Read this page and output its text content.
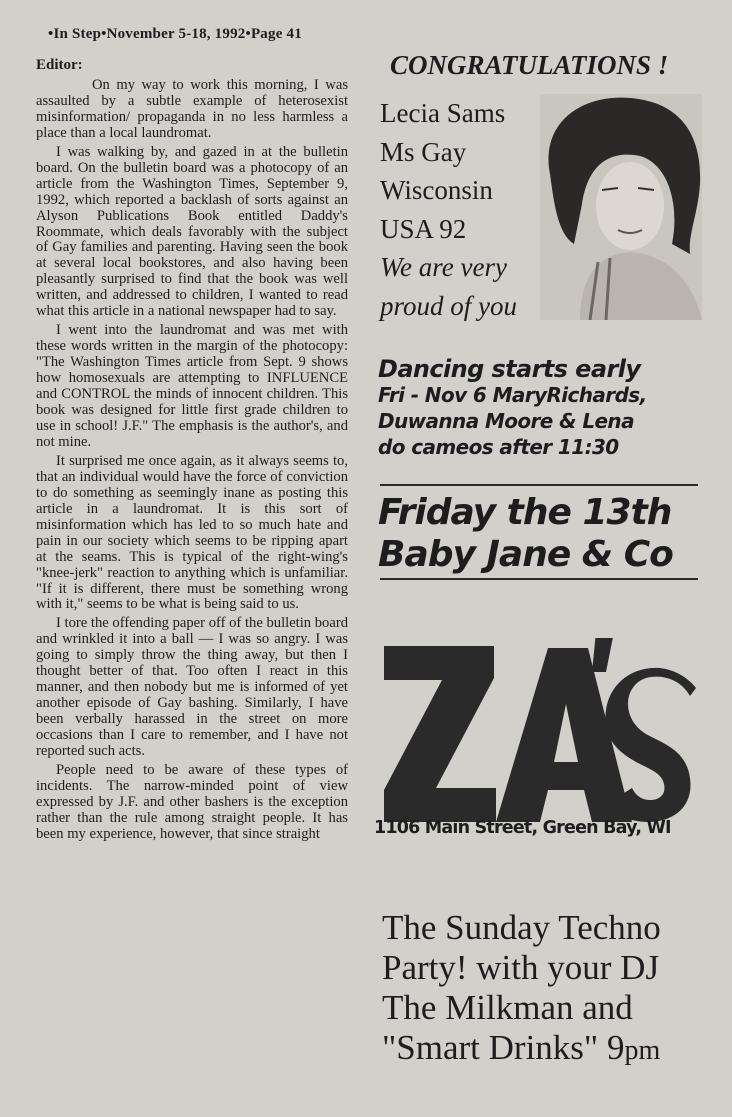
•In Step•November 5-18, 1992•Page 41
Editor:

On my way to work this morning, I was assaulted by a subtle example of heterosexist misinformation/ propaganda in no less harmless a place than a local laundromat.

I was walking by, and gazed in at the bulletin board. On the bulletin board was a photocopy of an article from the Washington Times, September 9, 1992, which reported a backlash of sorts against an Alyson Publications Book entitled Daddy's Roommate, which deals favorably with the subject of Gay families and parenting. Having seen the book at several local bookstores, and also having been pleasantly surprised to find that the book was well written, and addressed to children, I wanted to read what this article in a national newspaper had to say.

I went into the laundromat and was met with these words written in the margin of the photocopy: "The Washington Times article from Sept. 9 shows how homosexuals are attempting to INFLUENCE and CONTROL the minds of innocent children. This book was designed for little first grade children to use in school! J.F." The emphasis is the author's, and not mine.

It surprised me once again, as it always seems to, that an individual would have the force of conviction to do something as seemingly inane as posting this article in a laundromat. It is this sort of misinformation which has led to so much hate and pain in our society which seems to be ripping apart at the seams. This is typical of the right-wing's "knee-jerk" reaction to anything which is unfamiliar. "If it is different, there must be something wrong with it," seems to be what is being said to us.

I tore the offending paper off of the bulletin board and wrinkled it into a ball — I was so angry. I was going to simply throw the thing away, but then I thought better of that. Too often I react in this manner, and then nobody but me is informed of yet another episode of Gay bashing. Similarly, I have been verbally harassed in the street on more occasions than I care to remember, and I have not reported such acts.

People need to be aware of these types of incidents. The narrow-minded point of view expressed by J.F. and other bashers is the exception rather than the rule among straight people. It has been my experience, however, that since straight

CONGRATULATIONS !
Lecia Sams
Ms Gay
Wisconsin
USA 92
We are very
proud of you
Dancing starts early
Fri - Nov 6 MaryRichards,
Duwanna Moore & Lena
do cameos after 11:30
Friday the 13th
Baby Jane & Co
1106 Main Street, Green Bay, WI
The Sunday Techno
Party! with your DJ
The Milkman and
"Smart Drinks" 9pm
